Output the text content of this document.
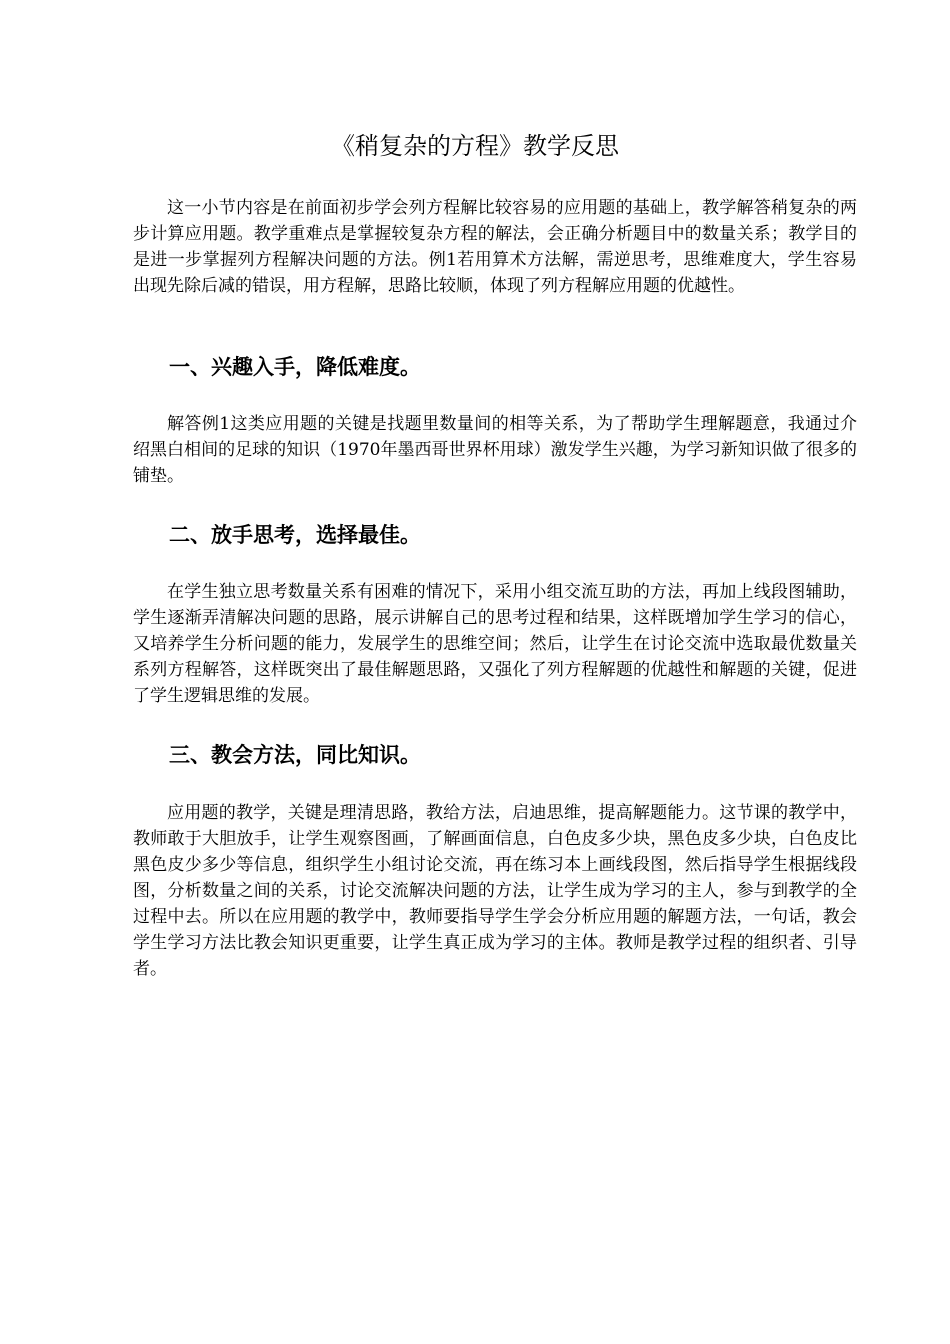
《稍复杂的方程》教学反思

这一小节内容是在前面初步学会列方程解比较容易的应用题的基础上，教学解答稍复杂的两步计算应用题。教学重难点是掌握较复杂方程的解法，会正确分析题目中的数量关系；教学目的是进一步掌握列方程解决问题的方法。例1若用算术方法解，需逆思考，思维难度大，学生容易出现先除后减的错误，用方程解，思路比较顺，体现了列方程解应用题的优越性。

一、兴趣入手，降低难度。

解答例1这类应用题的关键是找题里数量间的相等关系，为了帮助学生理解题意，我通过介绍黑白相间的足球的知识（1970年墨西哥世界杯用球）激发学生兴趣，为学习新知识做了很多的铺垫。

二、放手思考，选择最佳。

在学生独立思考数量关系有困难的情况下，采用小组交流互助的方法，再加上线段图辅助，学生逐渐弄清解决问题的思路，展示讲解自己的思考过程和结果，这样既增加学生学习的信心，又培养学生分析问题的能力，发展学生的思维空间；然后，让学生在讨论交流中选取最优数量关系列方程解答，这样既突出了最佳解题思路，又强化了列方程解题的优越性和解题的关键，促进了学生逻辑思维的发展。

三、教会方法，同比知识。

应用题的教学，关键是理清思路，教给方法，启迪思维，提高解题能力。这节课的教学中，教师敢于大胆放手，让学生观察图画，了解画面信息，白色皮多少块，黑色皮多少块，白色皮比黑色皮少多少等信息，组织学生小组讨论交流，再在练习本上画线段图，然后指导学生根据线段图，分析数量之间的关系，讨论交流解决问题的方法，让学生成为学习的主人，参与到教学的全过程中去。所以在应用题的教学中，教师要指导学生学会分析应用题的解题方法，一句话，教会学生学习方法比教会知识更重要，让学生真正成为学习的主体。教师是教学过程的组织者、引导者。
